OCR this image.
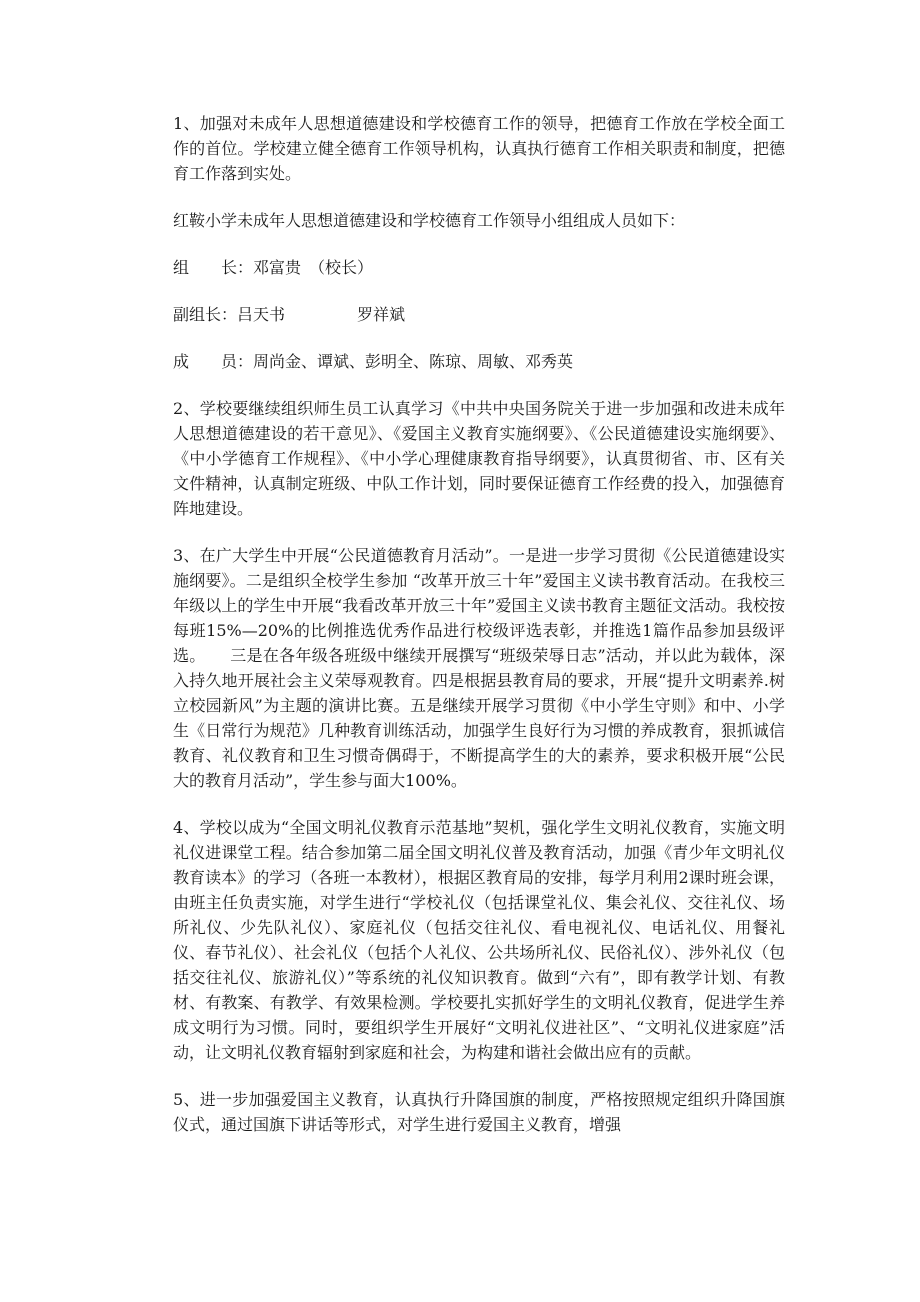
1、加强对未成年人思想道德建设和学校德育工作的领导，把德育工作放在学校全面工作的首位。学校建立健全德育工作领导机构，认真执行德育工作相关职责和制度，把德育工作落到实处。

红鞍小学未成年人思想道德建设和学校德育工作领导小组组成人员如下：

组　　长：邓富贵　（校长）
副组长：吕天书	罗祥斌
成　　员：周尚金、谭斌、彭明全、陈琼、周敏、邓秀英

2、学校要继续组织师生员工认真学习《中共中央国务院关于进一步加强和改进未成年人思想道德建设的若干意见》、《爱国主义教育实施纲要》、《公民道德建设实施纲要》、《中小学德育工作规程》、《中小学心理健康教育指导纲要》，认真贯彻省、市、区有关文件精神，认真制定班级、中队工作计划，同时要保证德育工作经费的投入，加强德育阵地建设。

3、在广大学生中开展“公民道德教育月活动”。一是进一步学习贯彻《公民道德建设实施纲要》。二是组织全校学生参加 “改革开放三十年”爱国主义读书教育活动。在我校三年级以上的学生中开展“我看改革开放三十年”爱国主义读书教育主题征文活动。我校按每班15%—20%的比例推选优秀作品进行校级评选表彰，并推选1篇作品参加县级评选。　　三是在各年级各班级中继续开展撰写“班级荣辱日志”活动，并以此为载体，深入持久地开展社会主义荣辱观教育。四是根据县教育局的要求，开展“提升文明素养.树立校园新风”为主题的演讲比赛。五是继续开展学习贯彻《中小学生守则》和中、小学生《日常行为规范》几种教育训练活动，加强学生良好行为习惯的养成教育，狠抓诚信教育、礼仪教育和卫生习惯奇偶碍于，不断提高学生的大的素养，要求积极开展“公民大的教育月活动”，学生参与面大100%。

4、学校以成为“全国文明礼仪教育示范基地”契机，强化学生文明礼仪教育，实施文明礼仪进课堂工程。结合参加第二届全国文明礼仪普及教育活动，加强《青少年文明礼仪教育读本》的学习（各班一本教材），根据区教育局的安排，每学月利用2课时班会课，由班主任负责实施，对学生进行“学校礼仪（包括课堂礼仪、集会礼仪、交往礼仪、场所礼仪、少先队礼仪）、家庭礼仪（包括交往礼仪、看电视礼仪、电话礼仪、用餐礼仪、春节礼仪）、社会礼仪（包括个人礼仪、公共场所礼仪、民俗礼仪）、涉外礼仪（包括交往礼仪、旅游礼仪）”等系统的礼仪知识教育。做到“六有”，即有教学计划、有教材、有教案、有教学、有效果检测。学校要扎实抓好学生的文明礼仪教育，促进学生养成文明行为习惯。同时，要组织学生开展好“文明礼仪进社区”、“文明礼仪进家庭”活动，让文明礼仪教育辐射到家庭和社会，为构建和谐社会做出应有的贡献。

5、进一步加强爱国主义教育，认真执行升降国旗的制度，严格按照规定组织升降国旗仪式，通过国旗下讲话等形式，对学生进行爱国主义教育，增强
